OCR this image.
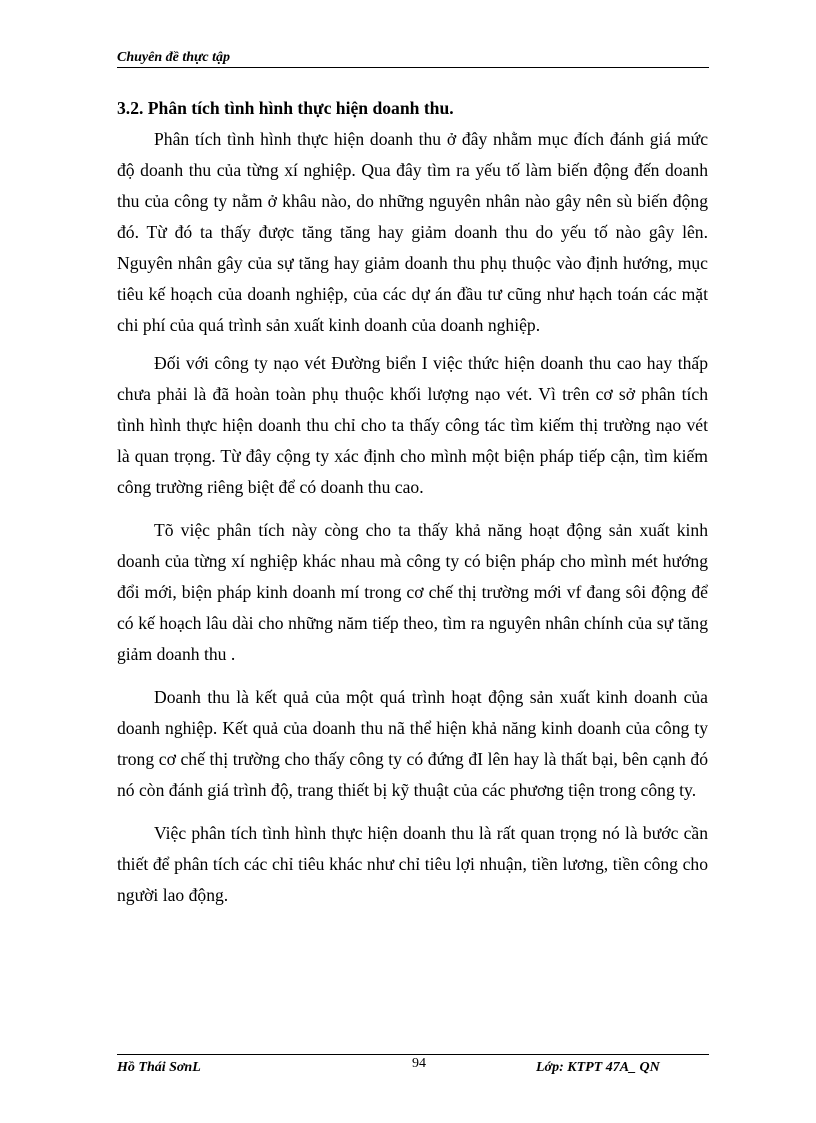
Chuyên đề thực tập
3.2. Phân tích tình hình thực hiện doanh thu.

Phân tích tình hình thực hiện doanh thu ở đây nhằm mục đích đánh giá mức độ doanh thu của từng xí nghiệp. Qua đây tìm ra yếu tố làm biến động đến doanh thu của công ty nằm ở khâu nào, do những nguyên nhân nào gây nên sù biến động đó. Từ đó ta thấy được tăng tăng hay giảm doanh thu do yếu tố nào gây lên. Nguyên nhân gây của sự tăng hay giảm doanh thu phụ thuộc vào định hướng, mục tiêu kế hoạch của doanh nghiệp, của các dự án đầu tư cũng như hạch toán các mặt chi phí của quá trình sản xuất kinh doanh của doanh nghiệp.

Đối với công ty nạo vét Đường biển I việc thức hiện doanh thu cao hay thấp chưa phải là đã hoàn toàn phụ thuộc khối lượng nạo vét. Vì trên cơ sở phân tích tình hình thực hiện doanh thu chỉ cho ta thấy công tác tìm kiếm thị trường nạo vét là quan trọng. Từ đây cộng ty xác định cho mình một biện pháp tiếp cận, tìm kiếm công trường riêng biệt để có doanh thu cao.

Tõ việc phân tích này còng cho ta thấy khả năng hoạt động sản xuất kinh doanh của từng xí nghiệp khác nhau mà công ty có biện pháp cho mình mét hướng đổi mới, biện pháp kinh doanh mí trong cơ chế thị trường mới vf đang sôi động để có kế hoạch lâu dài cho những năm tiếp theo, tìm ra nguyên nhân chính của sự tăng giảm doanh thu .

Doanh thu là kết quả của một quá trình hoạt động sản xuất kinh doanh của doanh nghiệp. Kết quả của doanh thu nã thể hiện khả năng kinh doanh của công ty trong cơ chế thị trường cho thấy công ty có đứng đI lên hay là thất bại, bên cạnh đó nó còn đánh giá trình độ, trang thiết bị kỹ thuật của các phương tiện trong công ty.

Việc phân tích tình hình thực hiện doanh thu là rất quan trọng nó là bước cần thiết để phân tích các chỉ tiêu khác như chỉ tiêu lợi nhuận, tiền lương, tiền công cho người lao động.

Hồ Thái SơnL	94	Lớp: KTPT 47A_ QN
